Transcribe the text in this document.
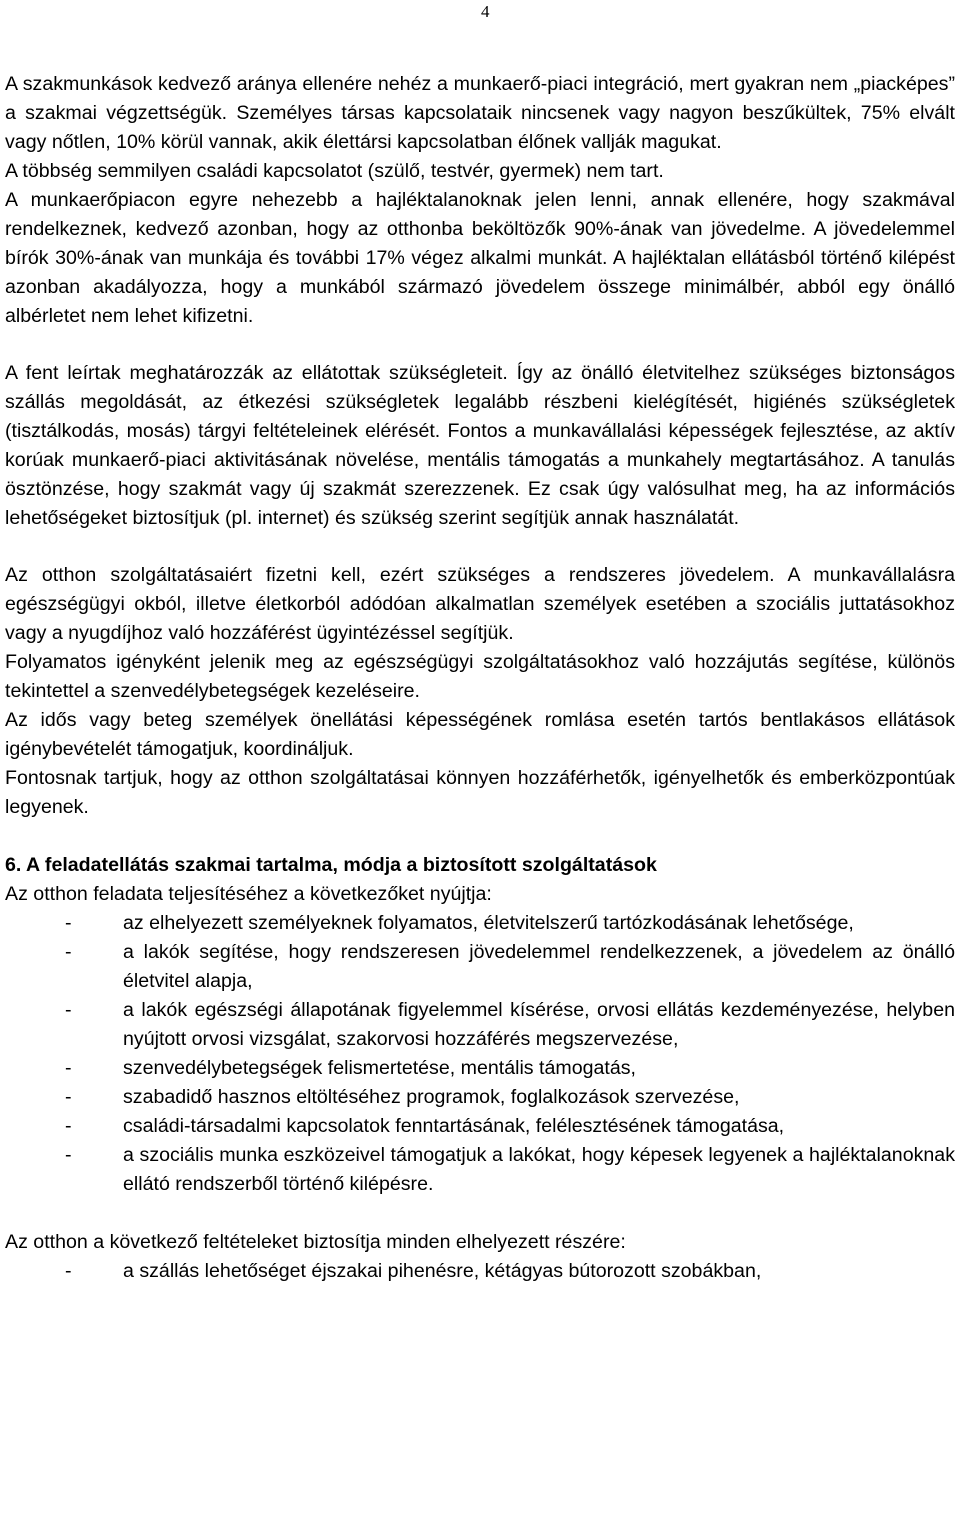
4

A szakmunkások kedvező aránya ellenére nehéz a munkaerő-piaci integráció, mert gyakran nem „piacképes” a szakmai végzettségük. Személyes társas kapcsolataik nincsenek vagy nagyon beszűkültek, 75% elvált vagy nőtlen, 10% körül vannak, akik élettársi kapcsolatban élőnek vallják magukat.

A többség semmilyen családi kapcsolatot (szülő, testvér, gyermek) nem tart.

A munkaerőpiacon egyre nehezebb a hajléktalanoknak jelen lenni, annak ellenére, hogy szakmával rendelkeznek, kedvező azonban, hogy az otthonba beköltözők 90%-ának van jövedelme. A jövedelemmel bírók 30%-ának van munkája és további 17% végez alkalmi munkát. A hajléktalan ellátásból történő kilépést azonban akadályozza, hogy a munkából származó jövedelem összege minimálbér, abból egy önálló albérletet nem lehet kifizetni.

A fent leírtak meghatározzák az ellátottak szükségleteit. Így az önálló életvitelhez szükséges biztonságos szállás megoldását, az étkezési szükségletek legalább részbeni kielégítését, higiénés szükségletek (tisztálkodás, mosás) tárgyi feltételeinek elérését. Fontos a munkavállalási képességek fejlesztése, az aktív korúak munkaerő-piaci aktivitásának növelése, mentális támogatás a munkahely megtartásához. A tanulás ösztönzése, hogy szakmát vagy új szakmát szerezzenek. Ez csak úgy valósulhat meg, ha az információs lehetőségeket biztosítjuk (pl. internet) és szükség szerint segítjük annak használatát.

Az otthon szolgáltatásaiért fizetni kell, ezért szükséges a rendszeres jövedelem. A munkavállalásra egészségügyi okból, illetve életkorból adódóan alkalmatlan személyek esetében a szociális juttatásokhoz vagy a nyugdíjhoz való hozzáférést ügyintézéssel segítjük.

Folyamatos igényként jelenik meg az egészségügyi szolgáltatásokhoz való hozzájutás segítése, különös tekintettel a szenvedélybetegségek kezeléseire.

Az idős vagy beteg személyek önellátási képességének romlása esetén tartós bentlakásos ellátások igénybevételét támogatjuk, koordináljuk.

Fontosnak tartjuk, hogy az otthon szolgáltatásai könnyen hozzáférhetők, igényelhetők és emberközpontúak legyenek.

6. A feladatellátás szakmai tartalma, módja a biztosított szolgáltatások

Az otthon feladata teljesítéséhez a következőket nyújtja:

-	az elhelyezett személyeknek folyamatos, életvitelszerű tartózkodásának lehetősége,
-	a lakók segítése, hogy rendszeresen jövedelemmel rendelkezzenek, a jövedelem az önálló életvitel alapja,
-	a lakók egészségi állapotának figyelemmel kísérése, orvosi ellátás kezdeményezése, helyben nyújtott orvosi vizsgálat, szakorvosi hozzáférés megszervezése,
-	szenvedélybetegségek felismertetése, mentális támogatás,
-	szabadidő hasznos eltöltéséhez programok, foglalkozások szervezése,
-	családi-társadalmi kapcsolatok fenntartásának, felélesztésének támogatása,
-	a szociális munka eszközeivel támogatjuk a lakókat, hogy képesek legyenek a hajléktalanoknak ellátó rendszerből történő kilépésre.

Az otthon a következő feltételeket biztosítja minden elhelyezett részére:

-	a szállás lehetőséget éjszakai pihenésre, kétágyas bútorozott szobákban,
